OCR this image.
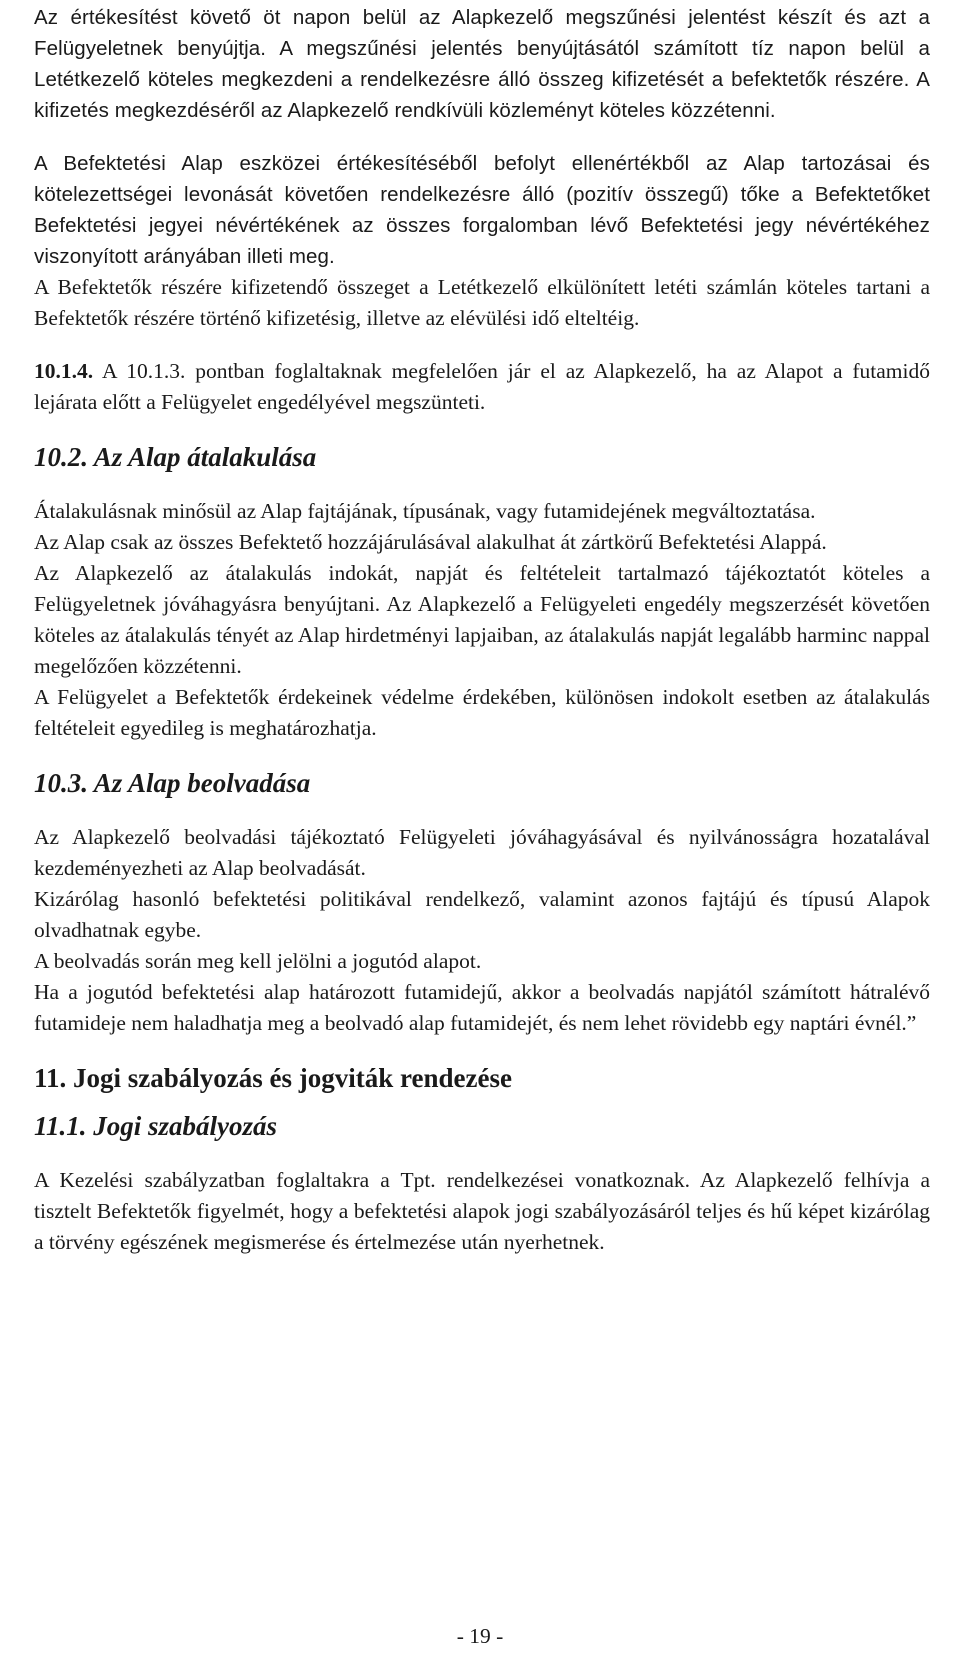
Az értékesítést követő öt napon belül az Alapkezelő megszűnési jelentést készít és azt a Felügyeletnek benyújtja. A megszűnési jelentés benyújtásától számított tíz napon belül a Letétkezelő köteles megkezdeni a rendelkezésre álló összeg kifizetését a befektetők részére. A kifizetés megkezdéséről az Alapkezelő rendkívüli közleményt köteles közzétenni.

A Befektetési Alap eszközei értékesítéséből befolyt ellenértékből az Alap tartozásai és kötelezettségei levonását követően rendelkezésre álló (pozitív összegű) tőke a Befektetőket Befektetési jegyei névértékének az összes forgalomban lévő Befektetési jegy névértékéhez viszonyított arányában illeti meg.

A Befektetők részére kifizetendő összeget a Letétkezelő elkülönített letéti számlán köteles tartani a Befektetők részére történő kifizetésig, illetve az elévülési idő elteltéig.

10.1.4. A 10.1.3. pontban foglaltaknak megfelelően jár el az Alapkezelő, ha az Alapot a futamidő lejárata előtt a Felügyelet engedélyével megszünteti.

10.2. Az Alap átalakulása

Átalakulásnak minősül az Alap fajtájának, típusának, vagy futamidejének megváltoztatása.

Az Alap csak az összes Befektető hozzájárulásával alakulhat át zártkörű Befektetési Alappá.

Az Alapkezelő az átalakulás indokát, napját és feltételeit tartalmazó tájékoztatót köteles a Felügyeletnek jóváhagyásra benyújtani. Az Alapkezelő a Felügyeleti engedély megszerzését követően köteles az átalakulás tényét az Alap hirdetményi lapjaiban, az átalakulás napját legalább harminc nappal megelőzően közzétenni.

A Felügyelet a Befektetők érdekeinek védelme érdekében, különösen indokolt esetben az átalakulás feltételeit egyedileg is meghatározhatja.

10.3. Az Alap beolvadása

Az Alapkezelő beolvadási tájékoztató Felügyeleti jóváhagyásával és nyilvánosságra hozatalával kezdeményezheti az Alap beolvadását.

Kizárólag hasonló befektetési politikával rendelkező, valamint azonos fajtájú és típusú Alapok olvadhatnak egybe.

A beolvadás során meg kell jelölni a jogutód alapot.

Ha a jogutód befektetési alap határozott futamidejű, akkor a beolvadás napjától számított hátralévő futamideje nem haladhatja meg a beolvadó alap futamidejét, és nem lehet rövidebb egy naptári évnél.”

11. Jogi szabályozás és jogviták rendezése
11.1. Jogi szabályozás

A Kezelési szabályzatban foglaltakra a Tpt. rendelkezései vonatkoznak. Az Alapkezelő felhívja a tisztelt Befektetők figyelmét, hogy a befektetési alapok jogi szabályozásáról teljes és hű képet kizárólag a törvény egészének megismerése és értelmezése után nyerhetnek.

- 19 -
